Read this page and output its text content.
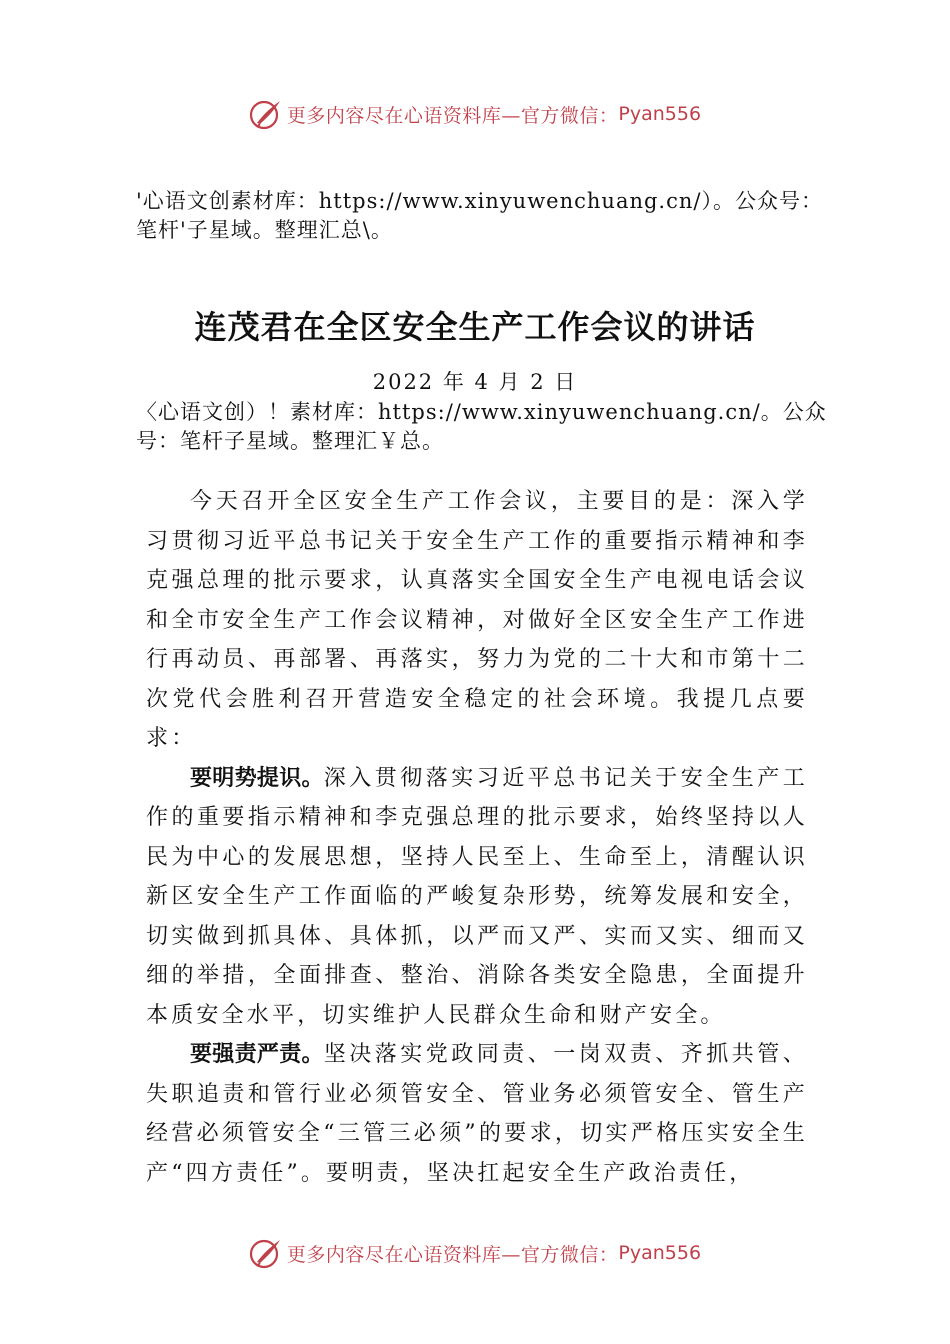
更多内容尽在心语资料库—官方微信： Pyan556
'心语文创素材库：https://www.xinyuwenchuang.cn/）。公众号：笔杆'子星域。整理汇总\。
连茂君在全区安全生产工作会议的讲话
2022 年 4 月 2 日
〈心语文创）！素材库：https://www.xinyuwenchuang.cn/。公众号：笔杆子星域。整理汇￥总。

今天召开全区安全生产工作会议，主要目的是：深入学习贯彻习近平总书记关于安全生产工作的重要指示精神和李克强总理的批示要求，认真落实全国安全生产电视电话会议和全市安全生产工作会议精神，对做好全区安全生产工作进行再动员、再部署、再落实，努力为党的二十大和市第十二次党代会胜利召开营造安全稳定的社会环境。我提几点要求：

要明势提识。深入贯彻落实习近平总书记关于安全生产工作的重要指示精神和李克强总理的批示要求，始终坚持以人民为中心的发展思想，坚持人民至上、生命至上，清醒认识新区安全生产工作面临的严峻复杂形势，统筹发展和安全，切实做到抓具体、具体抓，以严而又严、实而又实、细而又细的举措，全面排查、整治、消除各类安全隐患，全面提升本质安全水平，切实维护人民群众生命和财产安全。

要强责严责。坚决落实党政同责、一岗双责、齐抓共管、失职追责和管行业必须管安全、管业务必须管安全、管生产经营必须管安全“三管三必须”的要求，切实严格压实安全生产“四方责任”。要明责，坚决扛起安全生产政治责任，

更多内容尽在心语资料库—官方微信： Pyan556
